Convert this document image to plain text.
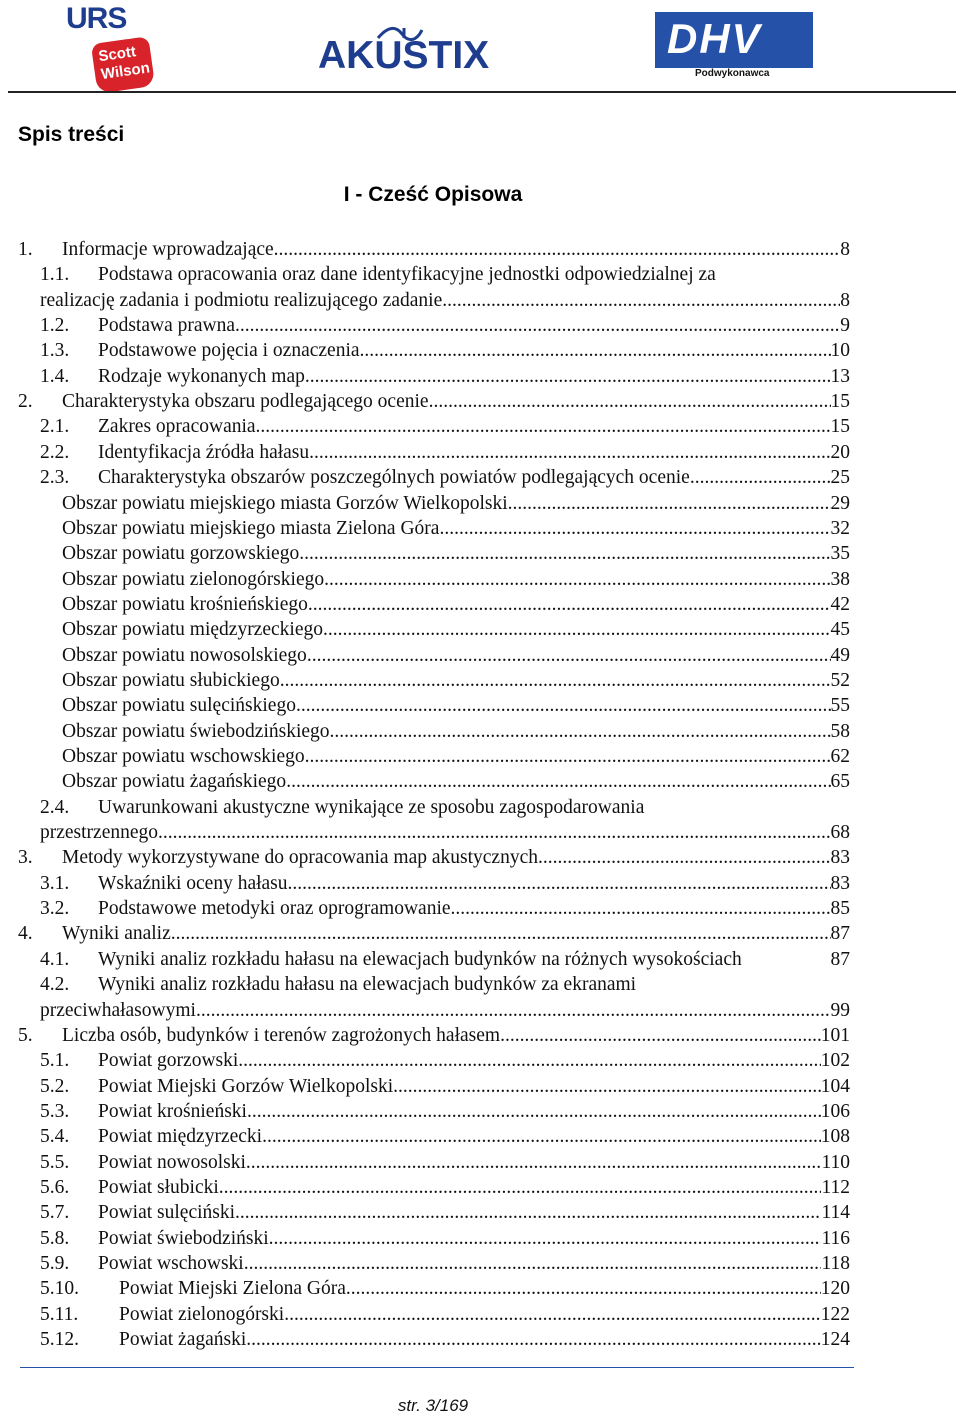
URS
Scott
Wilson	AKUSTIX	DHV
Podwykonawca
Spis treści
I - Cześć Opisowa
1. Informacje wprowadzające .....	8
1.1. Podstawa opracowania oraz dane identyfikacyjne jednostki odpowiedzialnej za
realizację zadania i podmiotu realizującego zadanie .....	8
1.2. Podstawa prawna .....	9
1.3. Podstawowe pojęcia i oznaczenia .....	10
1.4. Rodzaje wykonanych map .....	13
2. Charakterystyka obszaru podlegającego ocenie .....	15
2.1. Zakres opracowania .....	15
2.2. Identyfikacja źródła hałasu .....	20
2.3. Charakterystyka obszarów poszczególnych powiatów podlegających ocenie .....	25
Obszar powiatu miejskiego miasta Gorzów Wielkopolski .....	29
Obszar powiatu miejskiego miasta Zielona Góra .....	32
Obszar powiatu gorzowskiego .....	35
Obszar powiatu zielonogórskiego .....	38
Obszar powiatu krośnieńskiego .....	42
Obszar powiatu międzyrzeckiego .....	45
Obszar powiatu nowosolskiego .....	49
Obszar powiatu słubickiego .....	52
Obszar powiatu sulęcińskiego .....	55
Obszar powiatu świebodzińskiego .....	58
Obszar powiatu wschowskiego .....	62
Obszar powiatu żagańskiego .....	65
2.4. Uwarunkowani akustyczne wynikające ze sposobu zagospodarowania
przestrzennego .....	68
3. Metody wykorzystywane do opracowania map akustycznych .....	83
3.1. Wskaźniki oceny hałasu .....	83
3.2. Podstawowe metodyki oraz oprogramowanie .....	85
4. Wyniki analiz .....	87
4.1. Wyniki analiz rozkładu hałasu na elewacjach budynków na różnych wysokościach	87
4.2. Wyniki analiz rozkładu hałasu na elewacjach budynków za ekranami
przeciwhałasowymi .....	99
5. Liczba osób, budynków i terenów zagrożonych hałasem .....	101
5.1. Powiat gorzowski .....	102
5.2. Powiat Miejski Gorzów Wielkopolski .....	104
5.3. Powiat krośnieński .....	106
5.4. Powiat międzyrzecki .....	108
5.5. Powiat nowosolski .....	110
5.6. Powiat słubicki .....	112
5.7. Powiat sulęciński .....	114
5.8. Powiat świebodziński .....	116
5.9. Powiat wschowski .....	118
5.10. Powiat Miejski Zielona Góra .....	120
5.11. Powiat zielonogórski .....	122
5.12. Powiat żagański .....	124
str. 3/169
